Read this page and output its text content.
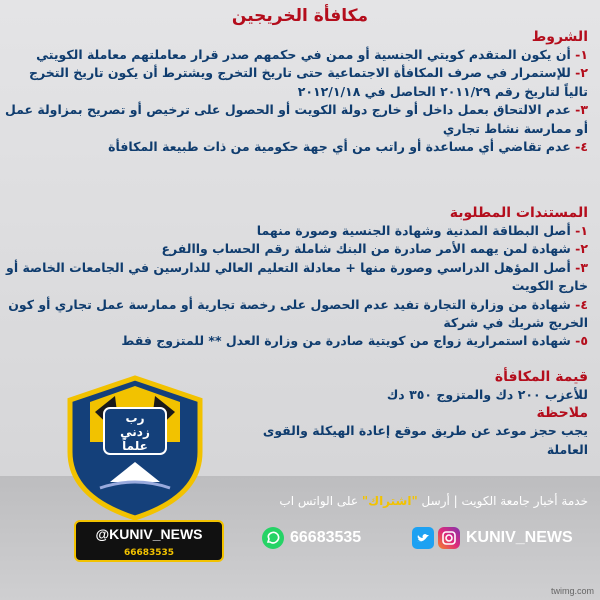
مكافأة الخريجين
الشروط

١- أن يكون المتقدم كويتي الجنسية أو ممن في حكمهم صدر قرار معاملتهم معاملة الكويتي

٢- للإستمرار في صرف المكافأة الاجتماعية حتى تاريخ التخرج ويشترط أن يكون تاريخ التخرج تالياً لتاريخ رقم ٢٠١١/٢٩ الحاصل في ٢٠١٢/١/١٨

٣- عدم الالتحاق بعمل داخل أو خارج دولة الكويت أو الحصول على ترخيص أو تصريح بمزاولة عمل أو ممارسة نشاط تجاري

٤- عدم تقاضي أي مساعدة أو راتب من أي جهة حكومية من ذات طبيعة المكافأة

المستندات المطلوبة

١- أصل البطاقة المدنية وشهادة الجنسية وصورة منهما

٢- شهادة لمن يهمه الأمر صادرة من البنك شاملة رقم الحساب واالفرع

٣- أصل المؤهل الدراسي وصورة منها + معادلة التعليم العالي للدارسين في الجامعات الخاصة أو خارج الكويت

٤- شهادة من وزارة التجارة تفيد عدم الحصول على رخصة تجارية أو ممارسة عمل تجاري أو كون الخريج شريك في شركة

٥- شهادة استمرارية زواج من كويتية صادرة من وزارة العدل ** للمتزوج فقط

قيمة المكافأة

للأعزب ٢٠٠ دك والمتزوج ٣٥٠ دك

ملاحظة

يجب حجز موعد عن طريق موقع إعادة الهيكلة والقوى العاملة

رب
زدني
علماً
@KUNIV_NEWS
66683535
خدمة أخبار جامعة الكويت | أرسل "اشتراك" على الواتس اب
66683535	KUNIV_NEWS
twimg.com
